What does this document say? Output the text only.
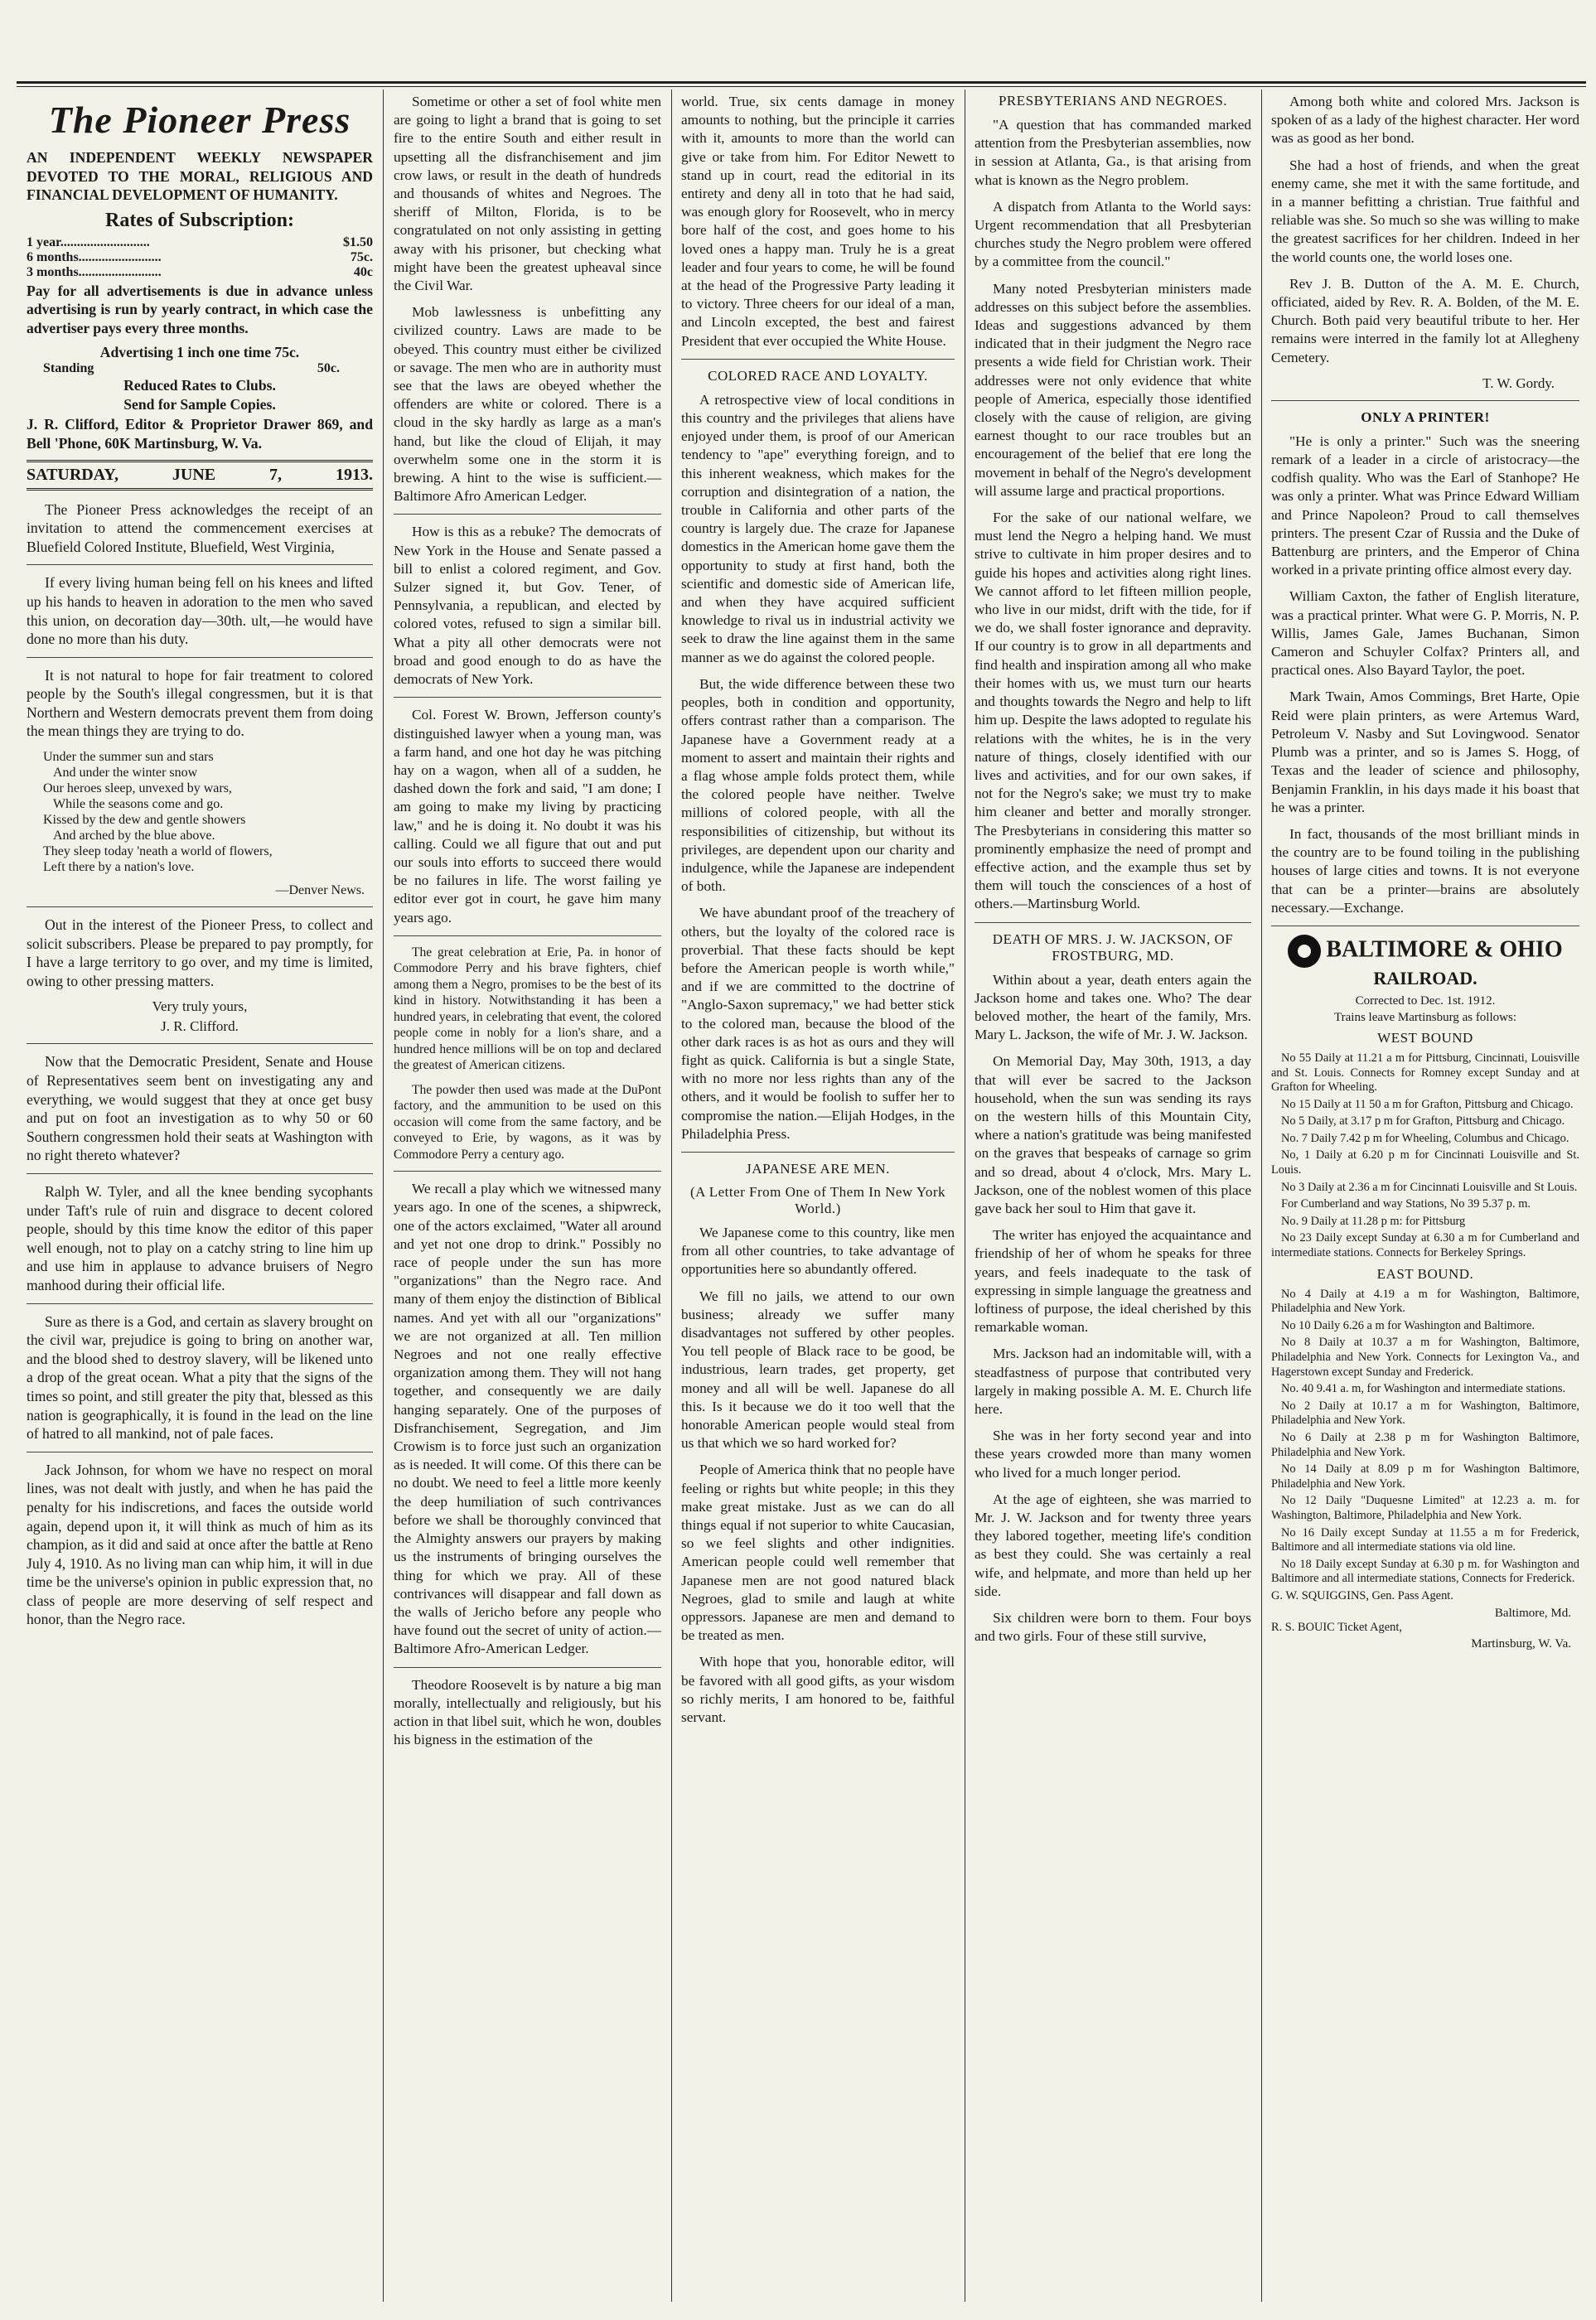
The Pioneer Press

AN INDEPENDENT WEEKLY NEWSPAPER DEVOTED TO THE MORAL, RELIGIOUS AND FINANCIAL DEVELOPMENT OF HUMANITY.

Rates of Subscription:
1 year...........................	$1.50
6 months.........................	75c.
3 months.........................	40c

Pay for all advertisements is due in advance unless advertising is run by yearly contract, in which case the advertiser pays every three months.

Advertising 1 inch one time 75c.

Standing	50c.

Reduced Rates to Clubs.

Send for Sample Copies.

J. R. Clifford, Editor & Proprietor Drawer 869, and Bell 'Phone, 60K Martinsburg, W. Va.

SATURDAY,	JUNE	7,	1913.

The Pioneer Press acknowledges the receipt of an invitation to attend the commencement exercises at Bluefield Colored Institute, Bluefield, West Virginia,

If every living human being fell on his knees and lifted up his hands to heaven in adoration to the men who saved this union, on decoration day—30th. ult,—he would have done no more than his duty.

It is not natural to hope for fair treatment to colored people by the South's illegal congressmen, but it is that Northern and Western democrats prevent them from doing the mean things they are trying to do.

Under the summer sun and stars
And under the winter snow
Our heroes sleep, unvexed by wars,
While the seasons come and go.
Kissed by the dew and gentle showers
And arched by the blue above.
They sleep today 'neath a world of flowers,
Left there by a nation's love.
—Denver News.

Out in the interest of the Pioneer Press, to collect and solicit subscribers. Please be prepared to pay promptly, for I have a large territory to go over, and my time is limited, owing to other pressing matters.

Very truly yours,
J. R. Clifford.

Now that the Democratic President, Senate and House of Representatives seem bent on investigating any and everything, we would suggest that they at once get busy and put on foot an investigation as to why 50 or 60 Southern congressmen hold their seats at Washington with no right thereto whatever?

Ralph W. Tyler, and all the knee bending sycophants under Taft's rule of ruin and disgrace to decent colored people, should by this time know the editor of this paper well enough, not to play on a catchy string to line him up and use him in applause to advance bruisers of Negro manhood during their official life.

Sure as there is a God, and certain as slavery brought on the civil war, prejudice is going to bring on another war, and the blood shed to destroy slavery, will be likened unto a drop of the great ocean. What a pity that the signs of the times so point, and still greater the pity that, blessed as this nation is geographically, it is found in the lead on the line of hatred to all mankind, not of pale faces.

Jack Johnson, for whom we have no respect on moral lines, was not dealt with justly, and when he has paid the penalty for his indiscretions, and faces the outside world again, depend upon it, it will think as much of him as its champion, as it did and said at once after the battle at Reno July 4, 1910. As no living man can whip him, it will in due time be the universe's opinion in public expression that, no class of people are more deserving of self respect and honor, than the Negro race.

Sometime or other a set of fool white men are going to light a brand that is going to set fire to the entire South and either result in upsetting all the disfranchisement and jim crow laws, or result in the death of hundreds and thousands of whites and Negroes. The sheriff of Milton, Florida, is to be congratulated on not only assisting in getting away with his prisoner, but checking what might have been the greatest upheaval since the Civil War.

Mob lawlessness is unbefitting any civilized country. Laws are made to be obeyed. This country must either be civilized or savage. The men who are in authority must see that the laws are obeyed whether the offenders are white or colored. There is a cloud in the sky hardly as large as a man's hand, but like the cloud of Elijah, it may overwhelm some one in the storm it is brewing. A hint to the wise is sufficient.—Baltimore Afro American Ledger.

How is this as a rebuke? The democrats of New York in the House and Senate passed a bill to enlist a colored regiment, and Gov. Sulzer signed it, but Gov. Tener, of Pennsylvania, a republican, and elected by colored votes, refused to sign a similar bill. What a pity all other democrats were not broad and good enough to do as have the democrats of New York.

Col. Forest W. Brown, Jefferson county's distinguished lawyer when a young man, was a farm hand, and one hot day he was pitching hay on a wagon, when all of a sudden, he dashed down the fork and said, "I am done; I am going to make my living by practicing law," and he is doing it. No doubt it was his calling. Could we all figure that out and put our souls into efforts to succeed there would be no failures in life. The worst failing ye editor ever got in court, he gave him many years ago.

The great celebration at Erie, Pa. in honor of Commodore Perry and his brave fighters, chief among them a Negro, promises to be the best of its kind in history. Notwithstanding it has been a hundred years, in celebrating that event, the colored people come in nobly for a lion's share, and a hundred hence millions will be on top and declared the greatest of American citizens.

The powder then used was made at the DuPont factory, and the ammunition to be used on this occasion will come from the same factory, and be conveyed to Erie, by wagons, as it was by Commodore Perry a century ago.

We recall a play which we witnessed many years ago. In one of the scenes, a shipwreck, one of the actors exclaimed, "Water all around and yet not one drop to drink." Possibly no race of people under the sun has more "organizations" than the Negro race. And many of them enjoy the distinction of Biblical names. And yet with all our "organizations" we are not organized at all. Ten million Negroes and not one really effective organization among them. They will not hang together, and consequently we are daily hanging separately. One of the purposes of Disfranchisement, Segregation, and Jim Crowism is to force just such an organization as is needed. It will come. Of this there can be no doubt. We need to feel a little more keenly the deep humiliation of such contrivances before we shall be thoroughly convinced that the Almighty answers our prayers by making us the instruments of bringing ourselves the thing for which we pray. All of these contrivances will disappear and fall down as the walls of Jericho before any people who have found out the secret of unity of action.—Baltimore Afro-American Ledger.

Theodore Roosevelt is by nature a big man morally, intellectually and religiously, but his action in that libel suit, which he won, doubles his bigness in the estimation of the

world. True, six cents damage in money amounts to nothing, but the principle it carries with it, amounts to more than the world can give or take from him. For Editor Newett to stand up in court, read the editorial in its entirety and deny all in toto that he had said, was enough glory for Roosevelt, who in mercy bore half of the cost, and goes home to his loved ones a happy man. Truly he is a great leader and four years to come, he will be found at the head of the Progressive Party leading it to victory. Three cheers for our ideal of a man, and Lincoln excepted, the best and fairest President that ever occupied the White House.

COLORED RACE AND LOYALTY.

A retrospective view of local conditions in this country and the privileges that aliens have enjoyed under them, is proof of our American tendency to "ape" everything foreign, and to this inherent weakness, which makes for the corruption and disintegration of a nation, the trouble in California and other parts of the country is largely due. The craze for Japanese domestics in the American home gave them the opportunity to study at first hand, both the scientific and domestic side of American life, and when they have acquired sufficient knowledge to rival us in industrial activity we seek to draw the line against them in the same manner as we do against the colored people.

But, the wide difference between these two peoples, both in condition and opportunity, offers contrast rather than a comparison. The Japanese have a Government ready at a moment to assert and maintain their rights and a flag whose ample folds protect them, while the colored people have neither. Twelve millions of colored people, with all the responsibilities of citizenship, but without its privileges, are dependent upon our charity and indulgence, while the Japanese are independent of both.

We have abundant proof of the treachery of others, but the loyalty of the colored race is proverbial. That these facts should be kept before the American people is worth while," and if we are committed to the doctrine of "Anglo-Saxon supremacy," we had better stick to the colored man, because the blood of the other dark races is as hot as ours and they will fight as quick. California is but a single State, with no more nor less rights than any of the others, and it would be foolish to suffer her to compromise the nation.—Elijah Hodges, in the Philadelphia Press.

JAPANESE ARE MEN.
(A Letter From One of Them In New York World.)

We Japanese come to this country, like men from all other countries, to take advantage of opportunities here so abundantly offered.

We fill no jails, we attend to our own business; already we suffer many disadvantages not suffered by other peoples. You tell people of Black race to be good, be industrious, learn trades, get property, get money and all will be well. Japanese do all this. Is it because we do it too well that the honorable American people would steal from us that which we so hard worked for?

People of America think that no people have feeling or rights but white people; in this they make great mistake. Just as we can do all things equal if not superior to white Caucasian, so we feel slights and other indignities. American people could well remember that Japanese men are not good natured black Negroes, glad to smile and laugh at white oppressors. Japanese are men and demand to be treated as men.

With hope that you, honorable editor, will be favored with all good gifts, as your wisdom so richly merits, I am honored to be, faithful servant.

PRESBYTERIANS AND NEGROES.

"A question that has commanded marked attention from the Presbyterian assemblies, now in session at Atlanta, Ga., is that arising from what is known as the Negro problem.

A dispatch from Atlanta to the World says: Urgent recommendation that all Presbyterian churches study the Negro problem were offered by a committee from the council."

Many noted Presbyterian ministers made addresses on this subject before the assemblies. Ideas and suggestions advanced by them indicated that in their judgment the Negro race presents a wide field for Christian work. Their addresses were not only evidence that white people of America, especially those identified closely with the cause of religion, are giving earnest thought to our race troubles but an encouragement of the belief that ere long the movement in behalf of the Negro's development will assume large and practical proportions.

For the sake of our national welfare, we must lend the Negro a helping hand. We must strive to cultivate in him proper desires and to guide his hopes and activities along right lines. We cannot afford to let fifteen million people, who live in our midst, drift with the tide, for if we do, we shall foster ignorance and depravity. If our country is to grow in all departments and find health and inspiration among all who make their homes with us, we must turn our hearts and thoughts towards the Negro and help to lift him up. Despite the laws adopted to regulate his relations with the whites, he is in the very nature of things, closely identified with our lives and activities, and for our own sakes, if not for the Negro's sake; we must try to make him cleaner and better and morally stronger. The Presbyterians in considering this matter so prominently emphasize the need of prompt and effective action, and the example thus set by them will touch the consciences of a host of others.—Martinsburg World.

DEATH OF MRS. J. W. JACKSON, OF FROSTBURG, MD.

Within about a year, death enters again the Jackson home and takes one. Who? The dear beloved mother, the heart of the family, Mrs. Mary L. Jackson, the wife of Mr. J. W. Jackson.

On Memorial Day, May 30th, 1913, a day that will ever be sacred to the Jackson household, when the sun was sending its rays on the western hills of this Mountain City, where a nation's gratitude was being manifested on the graves that bespeaks of carnage so grim and so dread, about 4 o'clock, Mrs. Mary L. Jackson, one of the noblest women of this place gave back her soul to Him that gave it.

The writer has enjoyed the acquaintance and friendship of her of whom he speaks for three years, and feels inadequate to the task of expressing in simple language the greatness and loftiness of purpose, the ideal cherished by this remarkable woman.

Mrs. Jackson had an indomitable will, with a steadfastness of purpose that contributed very largely in making possible A. M. E. Church life here.

She was in her forty second year and into these years crowded more than many women who lived for a much longer period.

At the age of eighteen, she was married to Mr. J. W. Jackson and for twenty three years they labored together, meeting life's condition as best they could. She was certainly a real wife, and helpmate, and more than held up her side.

Six children were born to them. Four boys and two girls. Four of these still survive,

Among both white and colored Mrs. Jackson is spoken of as a lady of the highest character. Her word was as good as her bond.

She had a host of friends, and when the great enemy came, she met it with the same fortitude, and in a manner befitting a christian. True faithful and reliable was she. So much so she was willing to make the greatest sacrifices for her children. Indeed in her the world counts one, the world loses one.

Rev J. B. Dutton of the A. M. E. Church, officiated, aided by Rev. R. A. Bolden, of the M. E. Church. Both paid very beautiful tribute to her. Her remains were interred in the family lot at Allegheny Cemetery.

T. W. Gordy.
ONLY A PRINTER!

"He is only a printer." Such was the sneering remark of a leader in a circle of aristocracy—the codfish quality. Who was the Earl of Stanhope? He was only a printer. What was Prince Edward William and Prince Napoleon? Proud to call themselves printers. The present Czar of Russia and the Duke of Battenburg are printers, and the Emperor of China worked in a private printing office almost every day.

William Caxton, the father of English literature, was a practical printer. What were G. P. Morris, N. P. Willis, James Gale, James Buchanan, Simon Cameron and Schuyler Colfax? Printers all, and practical ones. Also Bayard Taylor, the poet.

Mark Twain, Amos Commings, Bret Harte, Opie Reid were plain printers, as were Artemus Ward, Petroleum V. Nasby and Sut Lovingwood. Senator Plumb was a printer, and so is James S. Hogg, of Texas and the leader of science and philosophy, Benjamin Franklin, in his days made it his boast that he was a printer.

In fact, thousands of the most brilliant minds in the country are to be found toiling in the publishing houses of large cities and towns. It is not everyone that can be a printer—brains are absolutely necessary.—Exchange.

BALTIMORE & OHIO
RAILROAD.
Corrected to Dec. 1st. 1912.
Trains leave Martinsburg as follows:
WEST BOUND

No 55 Daily at 11.21 a m for Pittsburg, Cincinnati, Louisville and St. Louis. Connects for Romney except Sunday and at Grafton for Wheeling.

No 15 Daily at 11 50 a m for Grafton, Pittsburg and Chicago.

No 5 Daily, at 3.17 p m for Grafton, Pittsburg and Chicago.

No. 7 Daily 7.42 p m for Wheeling, Columbus and Chicago.

No, 1 Daily at 6.20 p m for Cincinnati Louisville and St. Louis.

No 3 Daily at 2.36 a m for Cincinnati Louisville and St Louis.

For Cumberland and way Stations, No 39 5.37 p. m.

No. 9 Daily at 11.28 p m: for Pittsburg

No 23 Daily except Sunday at 6.30 a m for Cumberland and intermediate stations. Connects for Berkeley Springs.

EAST BOUND.

No 4 Daily at 4.19 a m for Washington, Baltimore, Philadelphia and New York.

No 10 Daily 6.26 a m for Washington and Baltimore.

No 8 Daily at 10.37 a m for Washington, Baltimore, Philadelphia and New York. Connects for Lexington Va., and Hagerstown except Sunday and Frederick.

No. 40 9.41 a. m, for Washington and intermediate stations.

No 2 Daily at 10.17 a m for Washington, Baltimore, Philadelphia and New York.

No 6 Daily at 2.38 p m for Washington Baltimore, Philadelphia and New York.

No 14 Daily at 8.09 p m for Washington Baltimore, Philadelphia and New York.

No 12 Daily "Duquesne Limited" at 12.23 a. m. for Washington, Baltimore, Philadelphia and New York.

No 16 Daily except Sunday at 11.55 a m for Frederick, Baltimore and all intermediate stations via old line.

No 18 Daily except Sunday at 6.30 p m. for Washington and Baltimore and all intermediate stations, Connects for Frederick.

G. W. SQUIGGINS, Gen. Pass Agent.

Baltimore, Md.

R. S. BOUIC Ticket Agent,

Martinsburg, W. Va.
